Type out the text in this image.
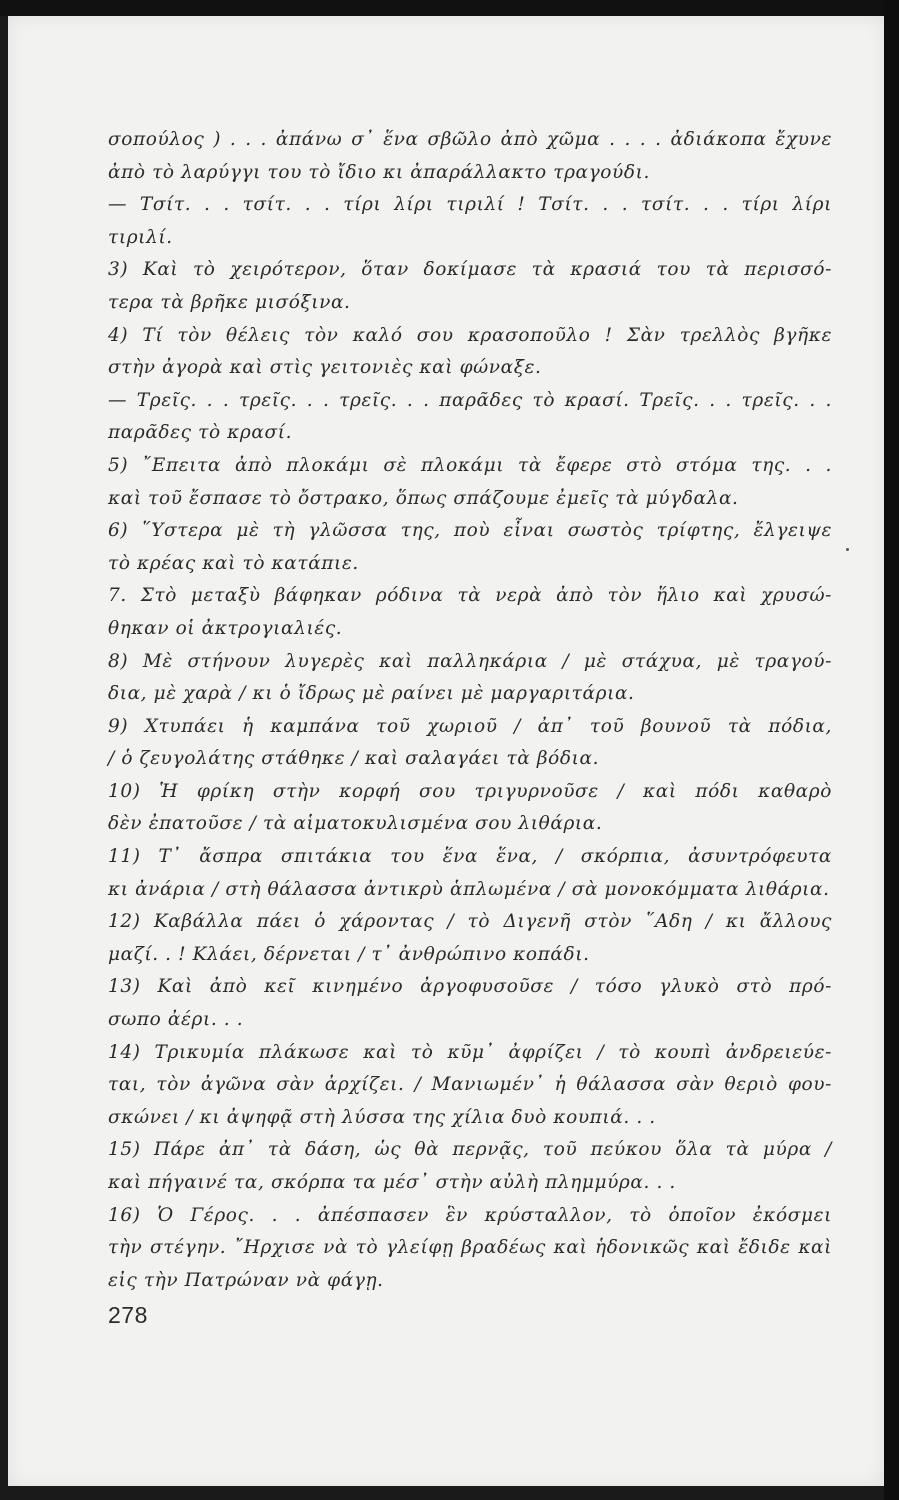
σοπούλος ) . . . ἀπάνω σ᾽ ἕνα σβῶλο ἀπὸ χῶμα . . . . ἀδιάκοπα ἔχυνε
ἀπὸ τὸ λαρύγγι του τὸ ἴδιο κι ἀπαράλλακτο τραγούδι.
— Τσίτ. . . τσίτ. . . τίρι λίρι τιριλί ! Τσίτ. . . τσίτ. . . τίρι λίρι
τιριλί.
3) Καὶ τὸ χειρότερον, ὅταν δοκίμασε τὰ κρασιά του τὰ περισσό-
τερα τὰ βρῆκε μισόξινα.
4) Τί τὸν θέλεις τὸν καλό σου κρασοποῦλο ! Σὰν τρελλὸς βγῆκε
στὴν ἀγορὰ καὶ στὶς γειτονιὲς καὶ φώναξε.
— Τρεῖς. . . τρεῖς. . . τρεῖς. . . παρᾶδες τὸ κρασί. Τρεῖς. . . τρεῖς. . .
παρᾶδες τὸ κρασί.
5) ῎Επειτα ἀπὸ πλοκάμι σὲ πλοκάμι τὰ ἔφερε στὸ στόμα της. . .
καὶ τοῦ ἔσπασε τὸ ὄστρακο, ὅπως σπάζουμε ἐμεῖς τὰ μύγδαλα.
6) ῞Υστερα μὲ τὴ γλῶσσα της, ποὺ εἶναι σωστὸς τρίφτης, ἔλγειψε
τὸ κρέας καὶ τὸ κατάπιε.
7. Στὸ μεταξὺ βάφηκαν ρόδινα τὰ νερὰ ἀπὸ τὸν ἥλιο καὶ χρυσώ-
θηκαν οἱ ἀκτρογιαλιές.
8) Μὲ στήνουν λυγερὲς καὶ παλληκάρια / μὲ στάχυα, μὲ τραγού-
δια, μὲ χαρὰ / κι ὁ ἴδρως μὲ ραίνει μὲ μαργαριτάρια.
9) Χτυπάει ἡ καμπάνα τοῦ χωριοῦ / ἀπ᾽ τοῦ βουνοῦ τὰ πόδια,
/ ὁ ζευγολάτης στάθηκε / καὶ σαλαγάει τὰ βόδια.
10) Ἡ φρίκη στὴν κορφή σου τριγυρνοῦσε / καὶ πόδι καθαρὸ
δὲν ἐπατοῦσε / τὰ αἱματοκυλισμένα σου λιθάρια.
11) Τ᾽ ἄσπρα σπιτάκια του ἕνα ἕνα, / σκόρπια, ἀσυντρόφευτα
κι ἀνάρια / στὴ θάλασσα ἀντικρὺ ἁπλωμένα / σὰ μονοκόμματα λιθάρια.
12) Καβάλλα πάει ὁ χάροντας / τὸ Διγενῆ στὸν ῞Αδη / κι ἄλλους
μαζί. . ! Κλάει, δέρνεται / τ᾽ ἀνθρώπινο κοπάδι.
13) Καὶ ἀπὸ κεῖ κινημένο ἀργοφυσοῦσε / τόσο γλυκὸ στὸ πρό-
σωπο ἀέρι. . .
14) Τρικυμία πλάκωσε καὶ τὸ κῦμ᾽ ἀφρίζει / τὸ κουπὶ ἀνδρειεύε-
ται, τὸν ἀγῶνα σὰν ἀρχίζει. / Μανιωμέν᾽ ἡ θάλασσα σὰν θεριὸ φου-
σκώνει / κι ἀψηφᾷ στὴ λύσσα της χίλια δυὸ κουπιά. . .
15) Πάρε ἀπ᾽ τὰ δάση, ὡς θὰ περνᾷς, τοῦ πεύκου ὅλα τὰ μύρα /
καὶ πήγαινέ τα, σκόρπα τα μέσ᾽ στὴν αὐλὴ πλημμύρα. . .
16) Ὁ Γέρος. . . ἀπέσπασεν ἓν κρύσταλλον, τὸ ὁποῖον ἐκόσμει
τὴν στέγην. ῎Ηρχισε νὰ τὸ γλείφῃ βραδέως καὶ ἡδονικῶς καὶ ἔδιδε καὶ
εἰς τὴν Πατρώναν νὰ φάγῃ.
278
